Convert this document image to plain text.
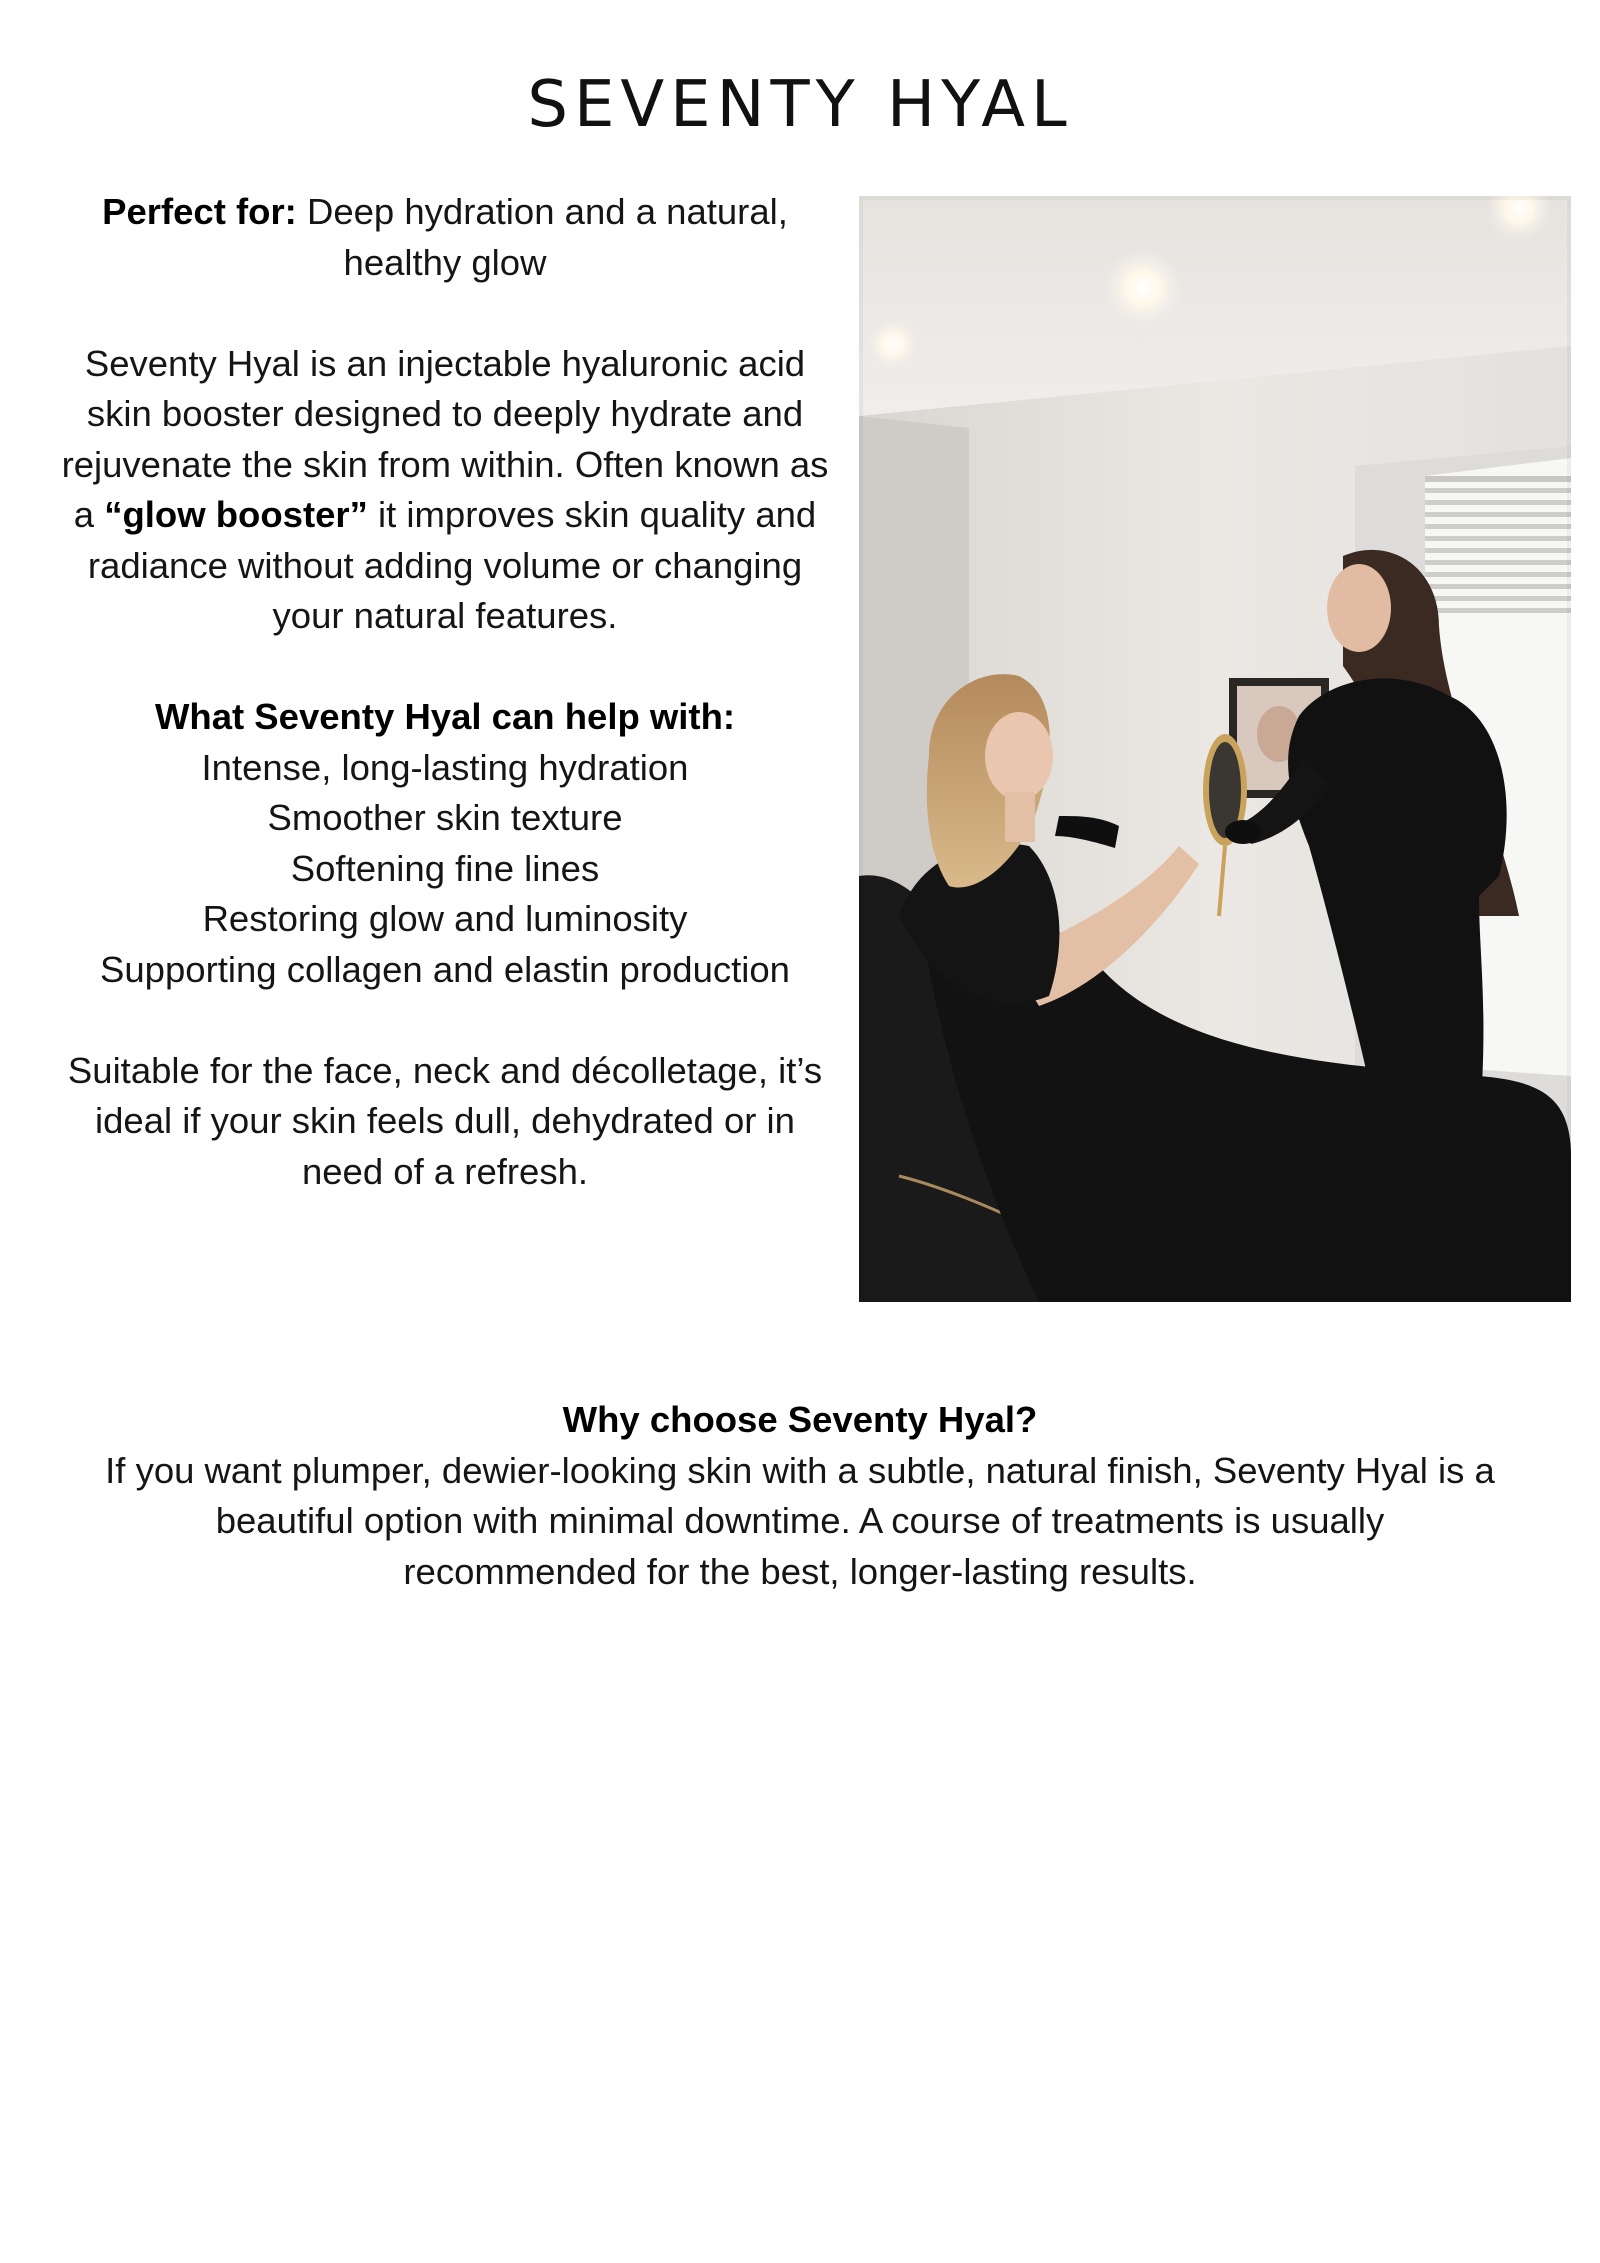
SEVENTY HYAL

Perfect for: Deep hydration and a natural, healthy glow

Seventy Hyal is an injectable hyaluronic acid skin booster designed to deeply hydrate and rejuvenate the skin from within. Often known as a “glow booster” it improves skin quality and radiance without adding volume or changing your natural features.

What Seventy Hyal can help with:

Intense, long-lasting hydration
Smoother skin texture
Softening fine lines
Restoring glow and luminosity
Supporting collagen and elastin production

Suitable for the face, neck and décolletage, it’s ideal if your skin feels dull, dehydrated or in need of a refresh.

Why choose Seventy Hyal?

If you want plumper, dewier-looking skin with a subtle, natural finish, Seventy Hyal is a beautiful option with minimal downtime. A course of treatments is usually recommended for the best, longer-lasting results.
